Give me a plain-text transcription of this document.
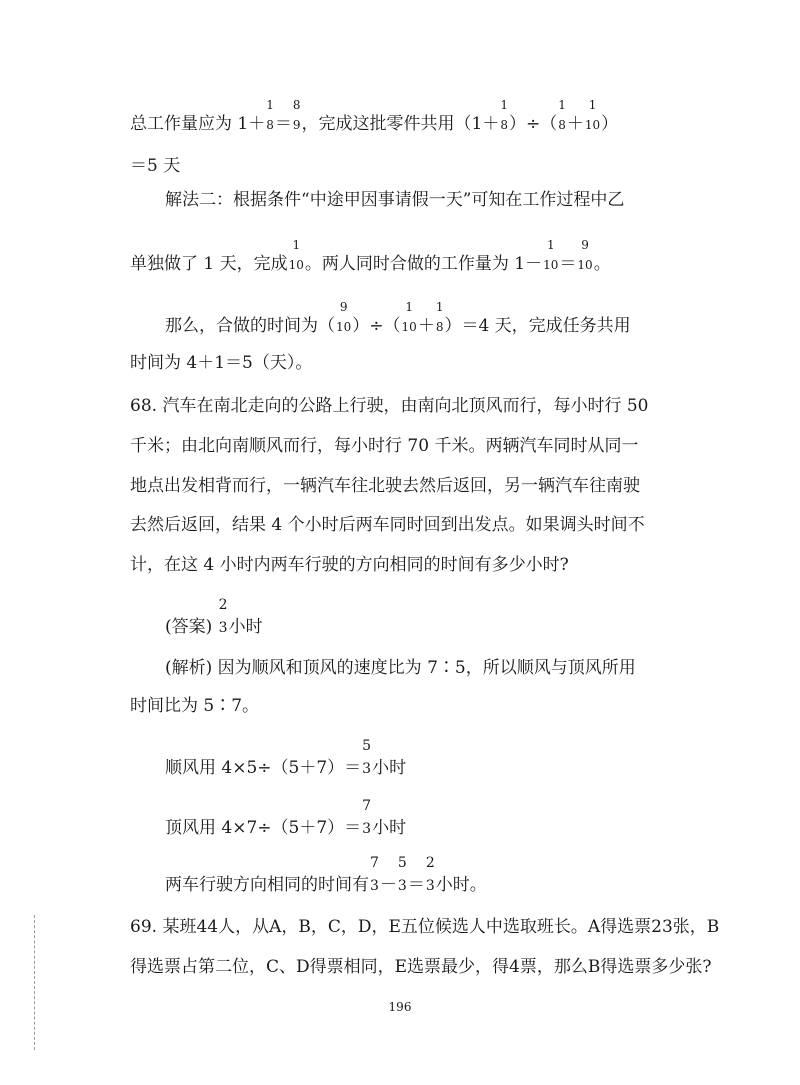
总工作量应为 1＋
1
8 ＝
8
9 ，完成这批零件共用（1＋
1
8 ）÷（
1
8 ＋
1
10 ）
＝5 天
解法二：根据条件“中途甲因事请假一天”可知在工作过程中乙
单独做了 1 天，完成
1
10 。两人同时合做的工作量为 1－
1
10 ＝
9
10 。
那么，合做的时间为（
9
10 ）÷（
1
10 ＋
1
8 ）＝4 天，完成任务共用
时间为 4＋1＝5（天）。
68. 汽车在南北走向的公路上行驶，由南向北顶风而行，每小时行 50
千米；由北向南顺风而行，每小时行 70 千米。两辆汽车同时从同一
地点出发相背而行，一辆汽车往北驶去然后返回，另一辆汽车往南驶
去然后返回，结果 4 个小时后两车同时回到出发点。如果调头时间不
计，在这 4 小时内两车行驶的方向相同的时间有多少小时?
(答案)
2
3 小时
(解析) 因为顺风和顶风的速度比为 7∶5，所以顺风与顶风所用
时间比为 5∶7。
顺风用 4×5÷（5＋7）＝
5
3 小时
顶风用 4×7÷（5＋7）＝
7
3 小时
两车行驶方向相同的时间有
7
3 －
5
3 ＝
2
3 小时。
69. 某班44人，从A，B，C，D，E五位候选人中选取班长。A得选票23张，B
得选票占第二位，C、D得票相同，E选票最少，得4票，那么B得选票多少张?
196
